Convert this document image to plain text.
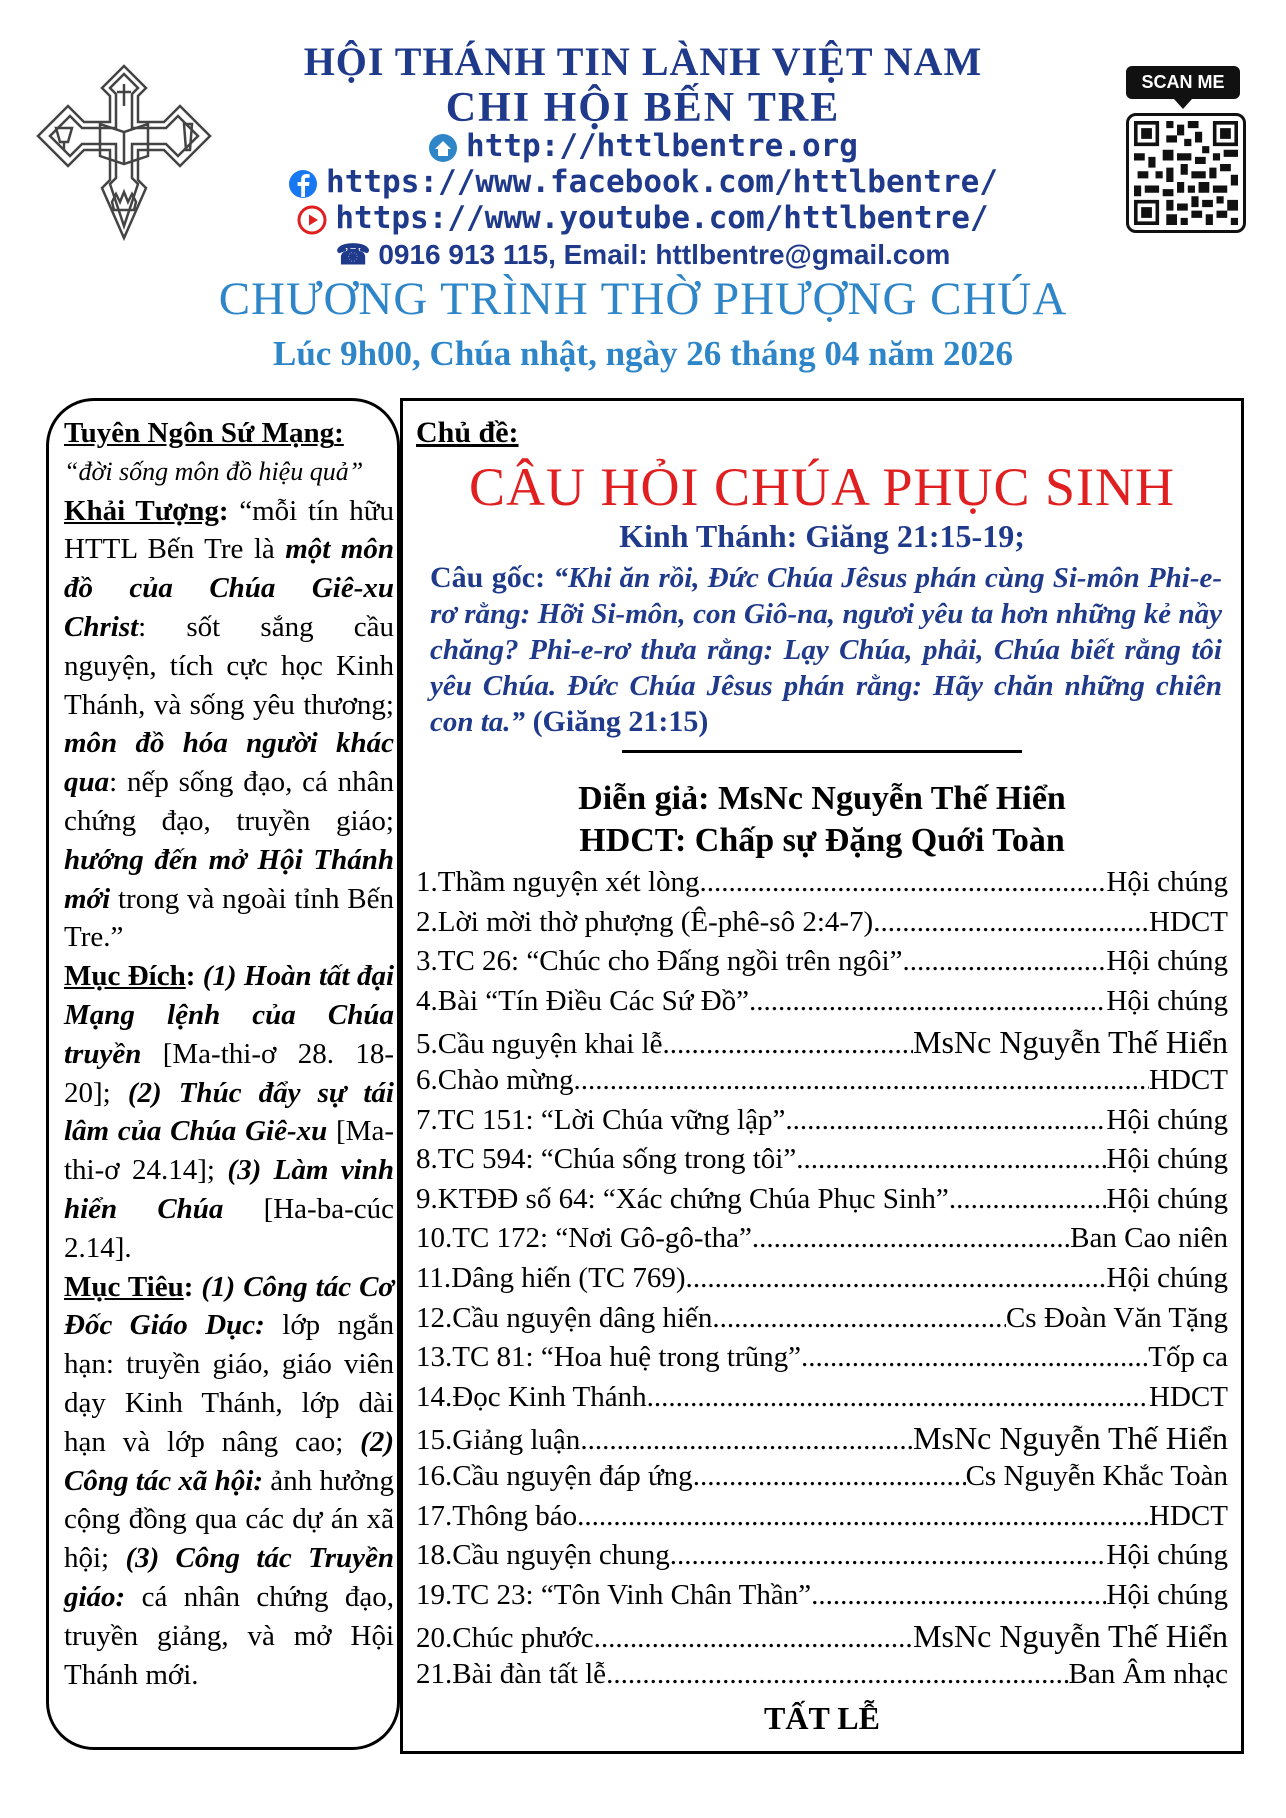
HỘI THÁNH TIN LÀNH VIỆT NAM
CHI HỘI BẾN TRE
http://httlbentre.org
https://www.facebook.com/httlbentre/
https://www.youtube.com/httlbentre/
☎ 0916 913 115, Email: httlbentre@gmail.com
CHƯƠNG TRÌNH THỜ PHƯỢNG CHÚA
Lúc 9h00, Chúa nhật, ngày 26 tháng 04 năm 2026
SCAN ME

Tuyên Ngôn Sứ Mạng:

“đời sống môn đồ hiệu quả”

Khải Tượng: “mỗi tín hữu HTTL Bến Tre là một môn đồ của Chúa Giê-xu Christ: sốt sắng cầu nguyện, tích cực học Kinh Thánh, và sống yêu thương; môn đồ hóa người khác qua: nếp sống đạo, cá nhân chứng đạo, truyền giáo; hướng đến mở Hội Thánh mới trong và ngoài tỉnh Bến Tre.”

Mục Đích: (1) Hoàn tất đại Mạng lệnh của Chúa truyền [Ma-thi-ơ 28. 18-20]; (2) Thúc đẩy sự tái lâm của Chúa Giê-xu [Ma-thi-ơ 24.14]; (3) Làm vinh hiển Chúa [Ha-ba-cúc 2.14].

Mục Tiêu: (1) Công tác Cơ Đốc Giáo Dục: lớp ngắn hạn: truyền giáo, giáo viên dạy Kinh Thánh, lớp dài hạn và lớp nâng cao; (2) Công tác xã hội: ảnh hưởng cộng đồng qua các dự án xã hội; (3) Công tác Truyền giáo: cá nhân chứng đạo, truyền giảng, và mở Hội Thánh mới.

Chủ đề:
CÂU HỎI CHÚA PHỤC SINH
Kinh Thánh: Giăng 21:15-19;
Câu gốc: “Khi ăn rồi, Đức Chúa Jêsus phán cùng Si-môn Phi-e-rơ rằng: Hỡi Si-môn, con Giô-na, ngươi yêu ta hơn những kẻ nầy chăng? Phi-e-rơ thưa rằng: Lạy Chúa, phải, Chúa biết rằng tôi yêu Chúa. Đức Chúa Jêsus phán rằng: Hãy chăn những chiên con ta.” (Giăng 21:15)
Diễn giả: MsNc Nguyễn Thế Hiển
HDCT: Chấp sự Đặng Quới Toàn
1. Thầm nguyện xét lòng .....	Hội chúng
2. Lời mời thờ phượng (Ê-phê-sô 2:4-7) .....	HDCT
3. TC 26: “Chúc cho Đấng ngồi trên ngôi” .....	Hội chúng
4. Bài “Tín Điều Các Sứ Đồ” .....	Hội chúng
5. Cầu nguyện khai lễ .....	MsNc Nguyễn Thế Hiển
6. Chào mừng .....	HDCT
7. TC 151: “Lời Chúa vững lập” .....	Hội chúng
8. TC 594: “Chúa sống trong tôi” .....	Hội chúng
9. KTĐĐ số 64: “Xác chứng Chúa Phục Sinh” .....	Hội chúng
10. TC 172: “Nơi Gô-gô-tha” .....	Ban Cao niên
11. Dâng hiến (TC 769). .....	Hội chúng
12. Cầu nguyện dâng hiến .....	Cs Đoàn Văn Tặng
13. TC 81: “Hoa huệ trong trũng” .....	Tốp ca
14. Đọc Kinh Thánh .....	HDCT
15. Giảng luận .....	MsNc Nguyễn Thế Hiển
16. Cầu nguyện đáp ứng .....	Cs Nguyễn Khắc Toàn
17. Thông báo .....	HDCT
18. Cầu nguyện chung .....	Hội chúng
19. TC 23: “Tôn Vinh Chân Thần” .....	Hội chúng
20. Chúc phước .....	MsNc Nguyễn Thế Hiển
21. Bài đàn tất lễ .....	Ban Âm nhạc
TẤT LỄ
